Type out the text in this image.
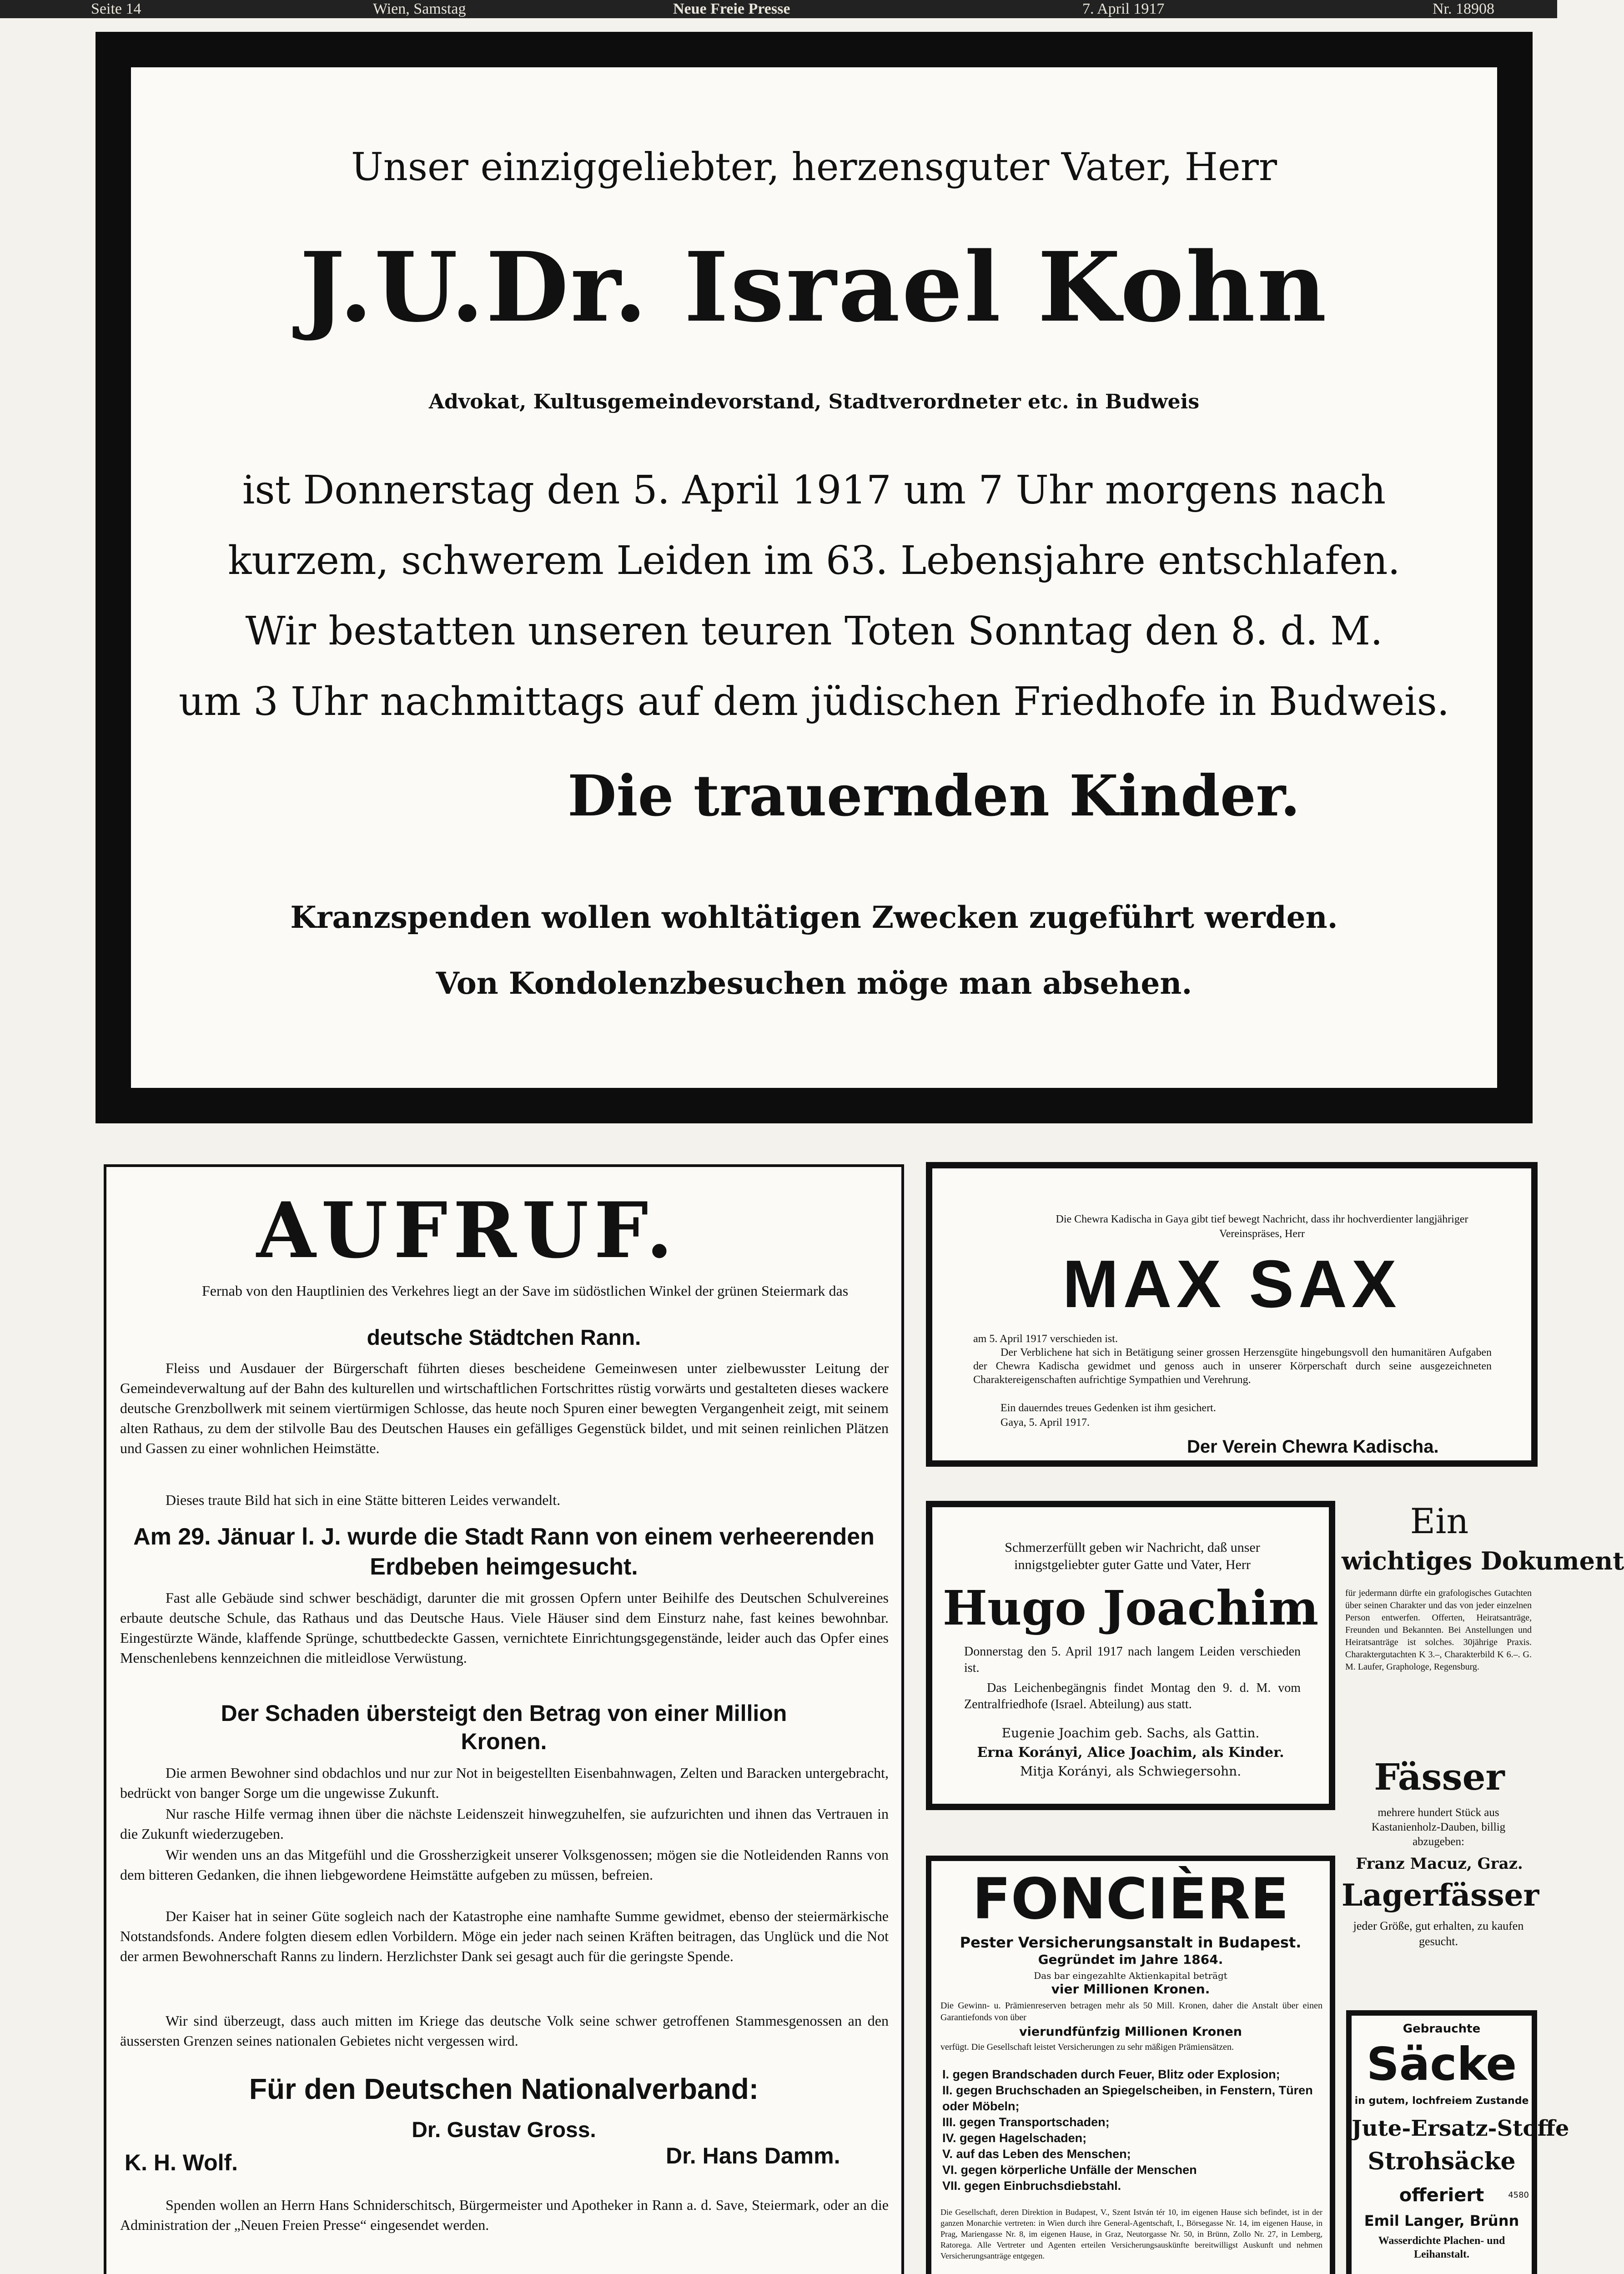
Seite 14	Wien, Samstag	Neue Freie Presse	7. April 1917	Nr. 18908
Unser einziggeliebter, herzensguter Vater, Herr
J.U.Dr. Israel Kohn
Advokat, Kultusgemeindevorstand, Stadtverordneter etc. in Budweis
ist Donnerstag den 5. April 1917 um 7 Uhr morgens nach
kurzem, schwerem Leiden im 63. Lebensjahre entschlafen.
Wir bestatten unseren teuren Toten Sonntag den 8. d. M.
um 3 Uhr nachmittags auf dem jüdischen Friedhofe in Budweis.
Die trauernden Kinder.
Kranzspenden wollen wohltätigen Zwecken zugeführt werden.
Von Kondolenzbesuchen möge man absehen.
AUFRUF.

Fernab von den Hauptlinien des Verkehres liegt an der Save im südöstlichen Winkel der grünen Steiermark das

deutsche Städtchen Rann.

Fleiss und Ausdauer der Bürgerschaft führten dieses bescheidene Gemeinwesen unter zielbewusster Leitung der Gemeindeverwaltung auf der Bahn des kulturellen und wirtschaftlichen Fortschrittes rüstig vorwärts und gestalteten dieses wackere deutsche Grenzbollwerk mit seinem viertürmigen Schlosse, das heute noch Spuren einer bewegten Vergangenheit zeigt, mit seinem alten Rathaus, zu dem der stilvolle Bau des Deutschen Hauses ein gefälliges Gegenstück bildet, und mit seinen reinlichen Plätzen und Gassen zu einer wohnlichen Heimstätte.

Dieses traute Bild hat sich in eine Stätte bitteren Leides verwandelt.

Am 29. Jänuar l. J. wurde die Stadt Rann von einem verheerenden Erdbeben heimgesucht.

Fast alle Gebäude sind schwer beschädigt, darunter die mit grossen Opfern unter Beihilfe des Deutschen Schulvereines erbaute deutsche Schule, das Rathaus und das Deutsche Haus. Viele Häuser sind dem Einsturz nahe, fast keines bewohnbar. Eingestürzte Wände, klaffende Sprünge, schuttbedeckte Gassen, vernichtete Einrichtungsgegenstände, leider auch das Opfer eines Menschenlebens kennzeichnen die mitleidlose Verwüstung.

Der Schaden übersteigt den Betrag von einer Million Kronen.

Die armen Bewohner sind obdachlos und nur zur Not in beigestellten Eisenbahnwagen, Zelten und Baracken untergebracht, bedrückt von banger Sorge um die ungewisse Zukunft.

Nur rasche Hilfe vermag ihnen über die nächste Leidenszeit hinwegzuhelfen, sie aufzurichten und ihnen das Vertrauen in die Zukunft wiederzugeben.

Wir wenden uns an das Mitgefühl und die Grossherzigkeit unserer Volksgenossen; mögen sie die Notleidenden Ranns von dem bitteren Gedanken, die ihnen liebgewordene Heimstätte aufgeben zu müssen, befreien.

Der Kaiser hat in seiner Güte sogleich nach der Katastrophe eine namhafte Summe gewidmet, ebenso der steiermärkische Notstandsfonds. Andere folgten diesem edlen Vorbildern. Möge ein jeder nach seinen Kräften beitragen, das Unglück und die Not der armen Bewohnerschaft Ranns zu lindern. Herzlichster Dank sei gesagt auch für die geringste Spende.

Wir sind überzeugt, dass auch mitten im Kriege das deutsche Volk seine schwer getroffenen Stammesgenossen an den äussersten Grenzen seines nationalen Gebietes nicht vergessen wird.

Für den Deutschen Nationalverband:
Dr. Gustav Gross.
K. H. Wolf.	Dr. Hans Damm.

Spenden wollen an Herrn Hans Schniderschitsch, Bürgermeister und Apotheker in Rann a. d. Save, Steiermark, oder an die Administration der „Neuen Freien Presse“ eingesendet werden.

Die Chewra Kadischa in Gaya gibt tief bewegt Nachricht, dass ihr hochverdienter langjähriger Vereinspräses, Herr

MAX SAX

am 5. April 1917 verschieden ist.

Der Verblichene hat sich in Betätigung seiner grossen Herzensgüte hingebungsvoll den humanitären Aufgaben der Chewra Kadischa gewidmet und genoss auch in unserer Körperschaft durch seine ausgezeichneten Charaktereigenschaften aufrichtige Sympathien und Verehrung.

Ein dauerndes treues Gedenken ist ihm gesichert.

Gaya, 5. April 1917.

Der Verein Chewra Kadischa.

Schmerzerfüllt geben wir Nachricht, daß unser innigstgeliebter guter Gatte und Vater, Herr

Hugo Joachim

Donnerstag den 5. April 1917 nach langem Leiden verschieden ist.

Das Leichenbegängnis findet Montag den 9. d. M. vom Zentralfriedhofe (Israel. Abteilung) aus statt.

Eugenie Joachim geb. Sachs, als Gattin.
Erna Korányi, Alice Joachim, als Kinder.
Mitja Korányi, als Schwiegersohn.
Ein
wichtiges Dokument

für jedermann dürfte ein grafologisches Gutachten über seinen Charakter und das von jeder einzelnen Person entwerfen. Offerten, Heiratsanträge, Freunden und Bekannten. Bei Anstellungen und Heiratsanträge ist solches. 30jährige Praxis. Charaktergutachten K 3.–, Charakterbild K 6.–. G. M. Laufer, Graphologe, Regensburg.

Fässer

mehrere hundert Stück aus Kastanienholz-Dauben, billig abzugeben:

Franz Macuz, Graz.
Lagerfässer

jeder Größe, gut erhalten, zu kaufen gesucht.

FONCIÈRE
Pester Versicherungsanstalt in Budapest.
Gegründet im Jahre 1864.
Das bar eingezahlte Aktienkapital beträgt
vier Millionen Kronen.

Die Gewinn- u. Prämienreserven betragen mehr als 50 Mill. Kronen, daher die Anstalt über einen Garantiefonds von über

vierundfünfzig Millionen Kronen

verfügt. Die Gesellschaft leistet Versicherungen zu sehr mäßigen Prämiensätzen.

I. gegen Brandschaden durch Feuer, Blitz oder Explosion;
II. gegen Bruchschaden an Spiegelscheiben, in Fenstern, Türen oder Möbeln;
III. gegen Transportschaden;
IV. gegen Hagelschaden;
V. auf das Leben des Menschen;
VI. gegen körperliche Unfälle der Menschen
VII. gegen Einbruchsdiebstahl.

Die Gesellschaft, deren Direktion in Budapest, V., Szent István tér 10, im eigenen Hause sich befindet, ist in der ganzen Monarchie vertreten: in Wien durch ihre General-Agentschaft, I., Börsegasse Nr. 14, im eigenen Hause, in Prag, Mariengasse Nr. 8, im eigenen Hause, in Graz, Neutorgasse Nr. 50, in Brünn, Zollo Nr. 27, in Lemberg, Ratorega. Alle Vertreter und Agenten erteilen Versicherungsauskünfte bereitwilligst Auskunft und nehmen Versicherungsanträge entgegen.

Gebrauchte
Säcke
in gutem, lochfreiem Zustande
Jute-Ersatz-Stoffe
Strohsäcke
offeriert	4580
Emil Langer, Brünn

Wasserdichte Plachen- und Leihanstalt.
